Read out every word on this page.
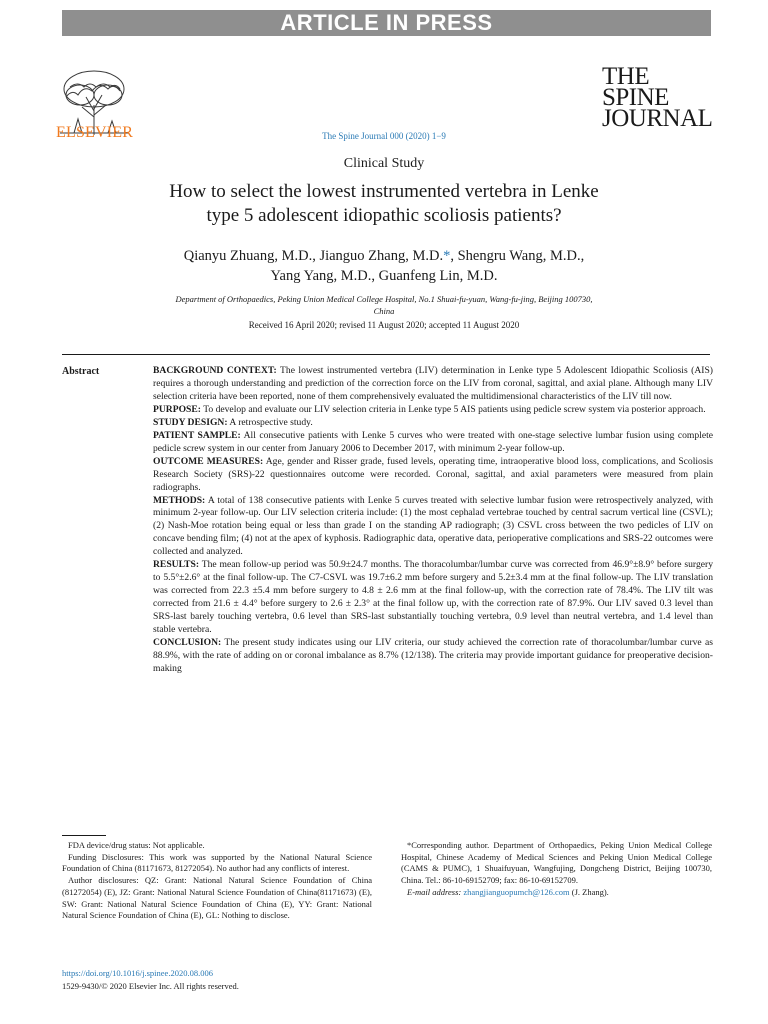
ARTICLE IN PRESS
ELSEVIER	The Spine Journal 000 (2020) 1−9
THE
SPINE
JOURNAL
Clinical Study
How to select the lowest instrumented vertebra in Lenke
type 5 adolescent idiopathic scoliosis patients?
Qianyu Zhuang, M.D., Jianguo Zhang, M.D.*, Shengru Wang, M.D.,
Yang Yang, M.D., Guanfeng Lin, M.D.
Department of Orthopaedics, Peking Union Medical College Hospital, No.1 Shuai-fu-yuan, Wang-fu-jing, Beijing 100730,
China
Received 16 April 2020; revised 11 August 2020; accepted 11 August 2020
Abstract	BACKGROUND CONTEXT: The lowest instrumented vertebra (LIV) determination in Lenke type 5 Adolescent Idiopathic Scoliosis (AIS) requires a thorough understanding and prediction of the correction force on the LIV from coronal, sagittal, and axial plane. Although many LIV selection criteria have been reported, none of them comprehensively evaluated the multidimensional characteristics of the LIV till now.

PURPOSE: To develop and evaluate our LIV selection criteria in Lenke type 5 AIS patients using pedicle screw system via posterior approach.

STUDY DESIGN: A retrospective study.

PATIENT SAMPLE: All consecutive patients with Lenke 5 curves who were treated with one-stage selective lumbar fusion using complete pedicle screw system in our center from January 2006 to December 2017, with minimum 2-year follow-up.

OUTCOME MEASURES: Age, gender and Risser grade, fused levels, operating time, intraoperative blood loss, complications, and Scoliosis Research Society (SRS)-22 questionnaires outcome were recorded. Coronal, sagittal, and axial parameters were measured from plain radiographs.

METHODS: A total of 138 consecutive patients with Lenke 5 curves treated with selective lumbar fusion were retrospectively analyzed, with minimum 2-year follow-up. Our LIV selection criteria include: (1) the most cephalad vertebrae touched by central sacrum vertical line (CSVL); (2) Nash-Moe rotation being equal or less than grade I on the standing AP radiograph; (3) CSVL cross between the two pedicles of LIV on concave bending film; (4) not at the apex of kyphosis. Radiographic data, operative data, perioperative complications and SRS-22 outcomes were collected and analyzed.

RESULTS: The mean follow-up period was 50.9±24.7 months. The thoracolumbar/lumbar curve was corrected from 46.9°±8.9° before surgery to 5.5°±2.6° at the final follow-up. The C7-CSVL was 19.7±6.2 mm before surgery and 5.2±3.4 mm at the final follow-up. The LIV translation was corrected from 22.3 ±5.4 mm before surgery to 4.8 ± 2.6 mm at the final follow-up, with the correction rate of 78.4%. The LIV tilt was corrected from 21.6 ± 4.4° before surgery to 2.6 ± 2.3° at the final follow up, with the correction rate of 87.9%. Our LIV saved 0.3 level than SRS-last barely touching vertebra, 0.6 level than SRS-last substantially touching vertebra, 0.9 level than neutral vertebra, and 1.4 level than stable vertebra.

CONCLUSION: The present study indicates using our LIV criteria, our study achieved the correction rate of thoracolumbar/lumbar curve as 88.9%, with the rate of adding on or coronal imbalance as 8.7% (12/138). The criteria may provide important guidance for preoperative decision-making

FDA device/drug status: Not applicable.

Funding Disclosures: This work was supported by the National Natural Science Foundation of China (81171673, 81272054). No author had any conflicts of interest.

Author disclosures: QZ: Grant: National Natural Science Foundation of China (81272054) (E), JZ: Grant: National Natural Science Foundation of China(81171673) (E), SW: Grant: National Natural Science Foundation of China (E), YY: Grant: National Natural Science Foundation of China (E), GL: Nothing to disclose.

*Corresponding author. Department of Orthopaedics, Peking Union Medical College Hospital, Chinese Academy of Medical Sciences and Peking Union Medical College (CAMS & PUMC), 1 Shuaifuyuan, Wangfujing, Dongcheng District, Beijing 100730, China. Tel.: 86-10-69152709; fax: 86-10-69152709.

E-mail address: zhangjianguopumch@126.com (J. Zhang).

https://doi.org/10.1016/j.spinee.2020.08.006
1529-9430/© 2020 Elsevier Inc. All rights reserved.
